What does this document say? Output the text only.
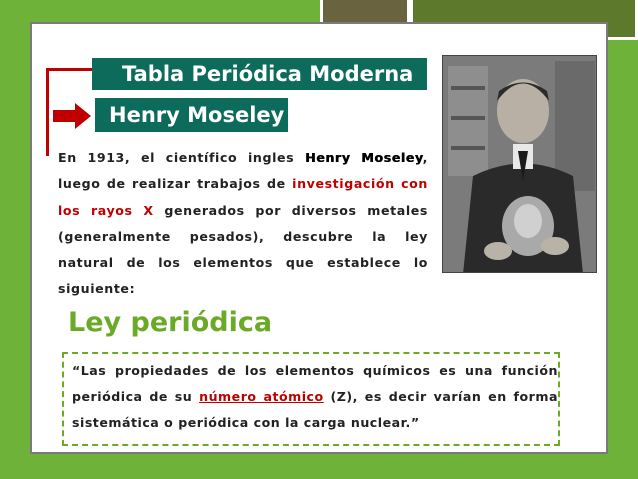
Tabla Periódica Moderna
Henry Moseley
En 1913, el científico ingles Henry Moseley, luego de realizar trabajos de investigación con los rayos X generados por diversos metales (generalmente pesados), descubre la ley natural de los elementos que establece lo siguiente:
Ley periódica
“Las propiedades de los elementos químicos es una función periódica de su número atómico (Z), es decir varían en forma sistemática o periódica con la carga nuclear.”
